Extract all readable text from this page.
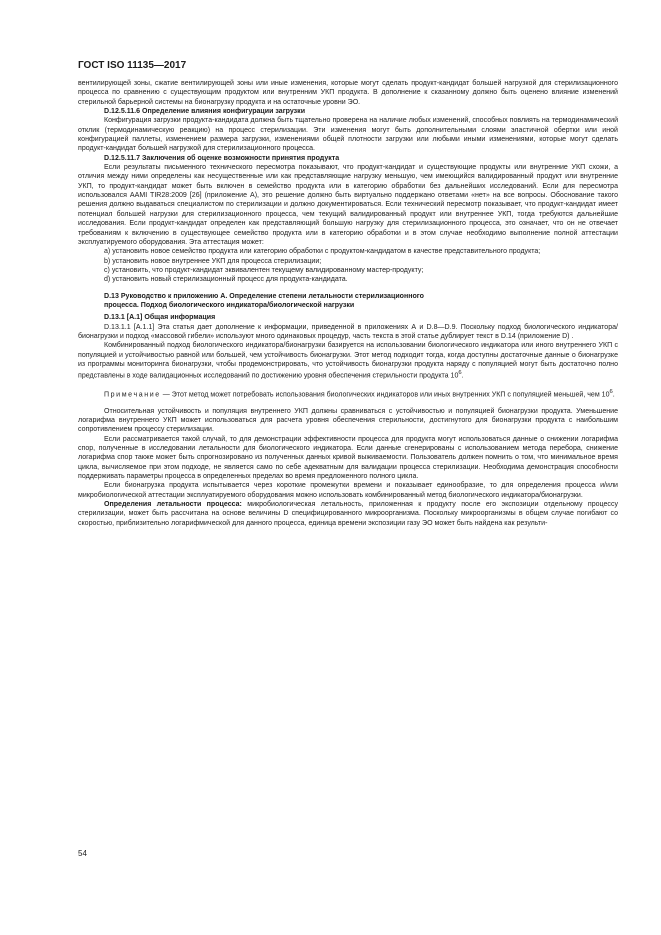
ГОСТ ISO 11135—2017

вентилирующей зоны, сжатие вентилирующей зоны или иные изменения, которые могут сделать продукт-кандидат большей нагрузкой для стерилизационного процесса по сравнению с существующим продуктом или внутренним УКП продукта. В дополнение к сказанному должно быть оценено влияние изменений стерильной барьерной системы на бионагрузку продукта и на остаточные уровни ЭО.

D.12.5.11.6 Определение влияния конфигурации загрузки

Конфигурация загрузки продукта-кандидата должна быть тщательно проверена на наличие любых изменений, способных повлиять на термодинамический отклик (термодинамическую реакцию) на процесс стерилизации. Эти изменения могут быть дополнительными слоями эластичной обертки или иной конфигурацией паллеты, изменением размера загрузки, изменениями общей плотности загрузки или любыми иными изменениями, которые могут сделать продукт-кандидат большей нагрузкой для стерилизационного процесса.

D.12.5.11.7 Заключения об оценке возможности принятия продукта

Если результаты письменного технического пересмотра показывают, что продукт-кандидат и существующие продукты или внутренние УКП схожи, а отличия между ними определены как несущественные или как представляющие нагрузку меньшую, чем имеющийся валидированный продукт или внутренние УКП, то продукт-кандидат может быть включен в семейство продукта или в категорию обработки без дальнейших исследований. Если для пересмотра использовался AAMI TIR28:2009 [26] (приложение А), это решение должно быть виртуально поддержано ответами «нет» на все вопросы. Обоснование такого решения должно выдаваться специалистом по стерилизации и должно документироваться. Если технический пересмотр показывает, что продукт-кандидат имеет потенциал большей нагрузки для стерилизационного процесса, чем текущий валидированный продукт или внутреннее УКП, тогда требуются дальнейшие исследования. Если продукт-кандидат определен как представляющий большую нагрузку для стерилизационного процесса, это означает, что он не отвечает требованиям к включению в существующее семейство продукта или в категорию обработки и в этом случае необходимо выполнение полной аттестации эксплуатируемого оборудования. Эта аттестация может:

a) установить новое семейство продукта или категорию обработки с продуктом-кандидатом в качестве представительного продукта;

b) установить новое внутреннее УКП для процесса стерилизации;

c) установить, что продукт-кандидат эквивалентен текущему валидированному мастер-продукту;

d) установить новый стерилизационный процесс для продукта-кандидата.

D.13 Руководство к приложению А. Определение степени летальности стерилизационного

процесса. Подход биологического индикатора/биологической нагрузки

D.13.1 [A.1] Общая информация

D.13.1.1 [A.1.1] Эта статья дает дополнение к информации, приведенной в приложениях А и D.8—D.9. Поскольку подход биологического индикатора/бионагрузки и подход «массовой гибели» используют много одинаковых процедур, часть текста в этой статье дублирует текст в D.14 (приложение D) .

Комбинированный подход биологического индикатора/бионагрузки базируется на использовании биологического индикатора или иного внутреннего УКП с популяцией и устойчивостью равной или большей, чем устойчивость бионагрузки. Этот метод подходит тогда, когда доступны достаточные данные о бионагрузке из программы мониторинга бионагрузки, чтобы продемонстрировать, что устойчивость бионагрузки продукта наряду с популяцией могут быть достаточно полно представлены в ходе валидационных исследований по достижению уровня обеспечения стерильности продукта $10^6$.

Примечание — Этот метод может потребовать использования биологических индикаторов или иных внутренних УКП с популяцией меньшей, чем $10^6$.

Относительная устойчивость и популяция внутреннего УКП должны сравниваться с устойчивостью и популяцией бионагрузки продукта. Уменьшение логарифма внутреннего УКП может использоваться для расчета уровня обеспечения стерильности, достигнутого для бионагрузки продукта с наибольшим сопротивлением процессу стерилизации.

Если рассматривается такой случай, то для демонстрации эффективности процесса для продукта могут использоваться данные о снижении логарифма спор, полученные в исследовании летальности для биологического индикатора. Если данные сгенерированы с использованием метода перебора, снижение логарифма спор также может быть спрогнозировано из полученных данных кривой выживаемости. Пользователь должен помнить о том, что минимальное время цикла, вычисляемое при этом подходе, не является само по себе адекватным для валидации процесса стерилизации. Необходима демонстрация способности поддерживать параметры процесса в определенных пределах во время предложенного полного цикла.

Если бионагрузка продукта испытывается через короткие промежутки времени и показывает единообразие, то для определения процесса и/или микробиологической аттестации эксплуатируемого оборудования можно использовать комбинированный метод биологического индикатора/бионагрузки.

Определения летальности процесса: микробиологическая летальность, приложенная к продукту после его экспозиции отдельному процессу стерилизации, может быть рассчитана на основе величины D специфицированного микроорганизма. Поскольку микроорганизмы в общем случае погибают со скоростью, приблизительно логарифмической для данного процесса, единица времени экспозиции газу ЭО может быть найдена как результи-

54
